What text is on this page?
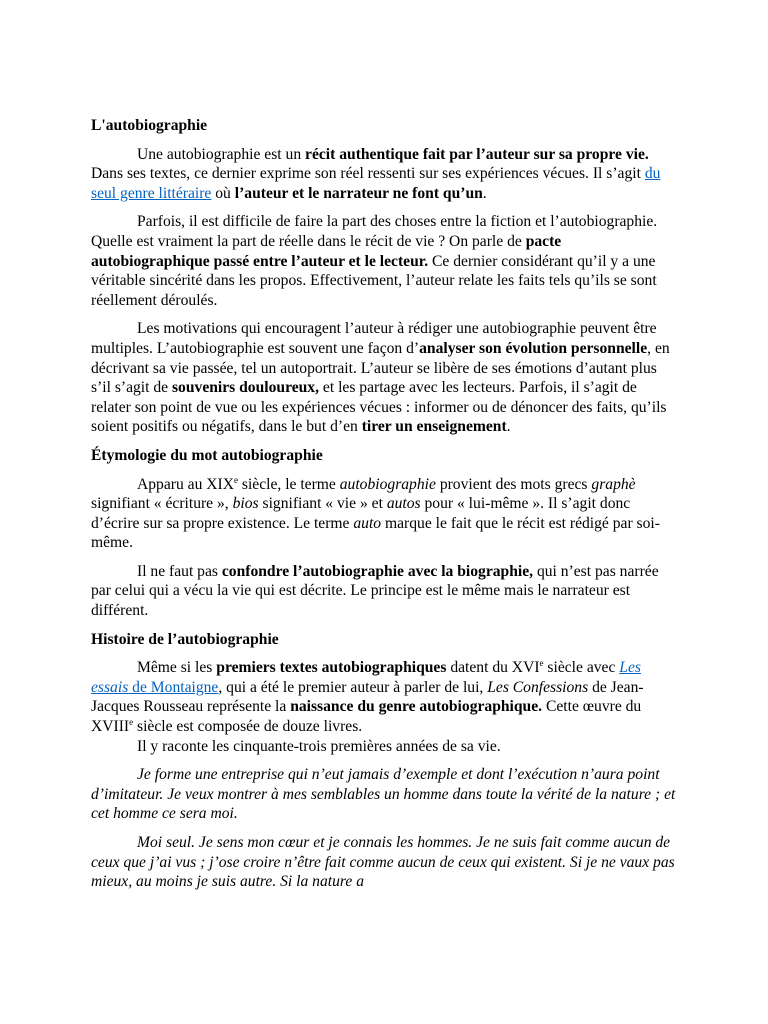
L'autobiographie

Une autobiographie est un récit authentique fait par l’auteur sur sa propre vie. Dans ses textes, ce dernier exprime son réel ressenti sur ses expériences vécues. Il s’agit du seul genre littéraire où l’auteur et le narrateur ne font qu’un.

Parfois, il est difficile de faire la part des choses entre la fiction et l’autobiographie. Quelle est vraiment la part de réelle dans le récit de vie ? On parle de pacte autobiographique passé entre l’auteur et le lecteur. Ce dernier considérant qu’il y a une véritable sincérité dans les propos. Effectivement, l’auteur relate les faits tels qu’ils se sont réellement déroulés.

Les motivations qui encouragent l’auteur à rédiger une autobiographie peuvent être multiples. L’autobiographie est souvent une façon d’analyser son évolution personnelle, en décrivant sa vie passée, tel un autoportrait. L’auteur se libère de ses émotions d’autant plus s’il s’agit de souvenirs douloureux, et les partage avec les lecteurs. Parfois, il s’agit de relater son point de vue ou les expériences vécues : informer ou de dénoncer des faits, qu’ils soient positifs ou négatifs, dans le but d’en tirer un enseignement.

Étymologie du mot autobiographie

Apparu au XIXe siècle, le terme autobiographie provient des mots grecs graphè signifiant « écriture », bios signifiant « vie » et autos pour « lui-même ». Il s’agit donc d’écrire sur sa propre existence. Le terme auto marque le fait que le récit est rédigé par soi-même.

Il ne faut pas confondre l’autobiographie avec la biographie, qui n’est pas narrée par celui qui a vécu la vie qui est décrite. Le principe est le même mais le narrateur est différent.

Histoire de l’autobiographie

Même si les premiers textes autobiographiques datent du XVIe siècle avec Les essais de Montaigne, qui a été le premier auteur à parler de lui, Les Confessions de Jean-Jacques Rousseau représente la naissance du genre autobiographique. Cette œuvre du XVIIIe siècle est composée de douze livres.

Il y raconte les cinquante-trois premières années de sa vie.

Je forme une entreprise qui n’eut jamais d’exemple et dont l’exécution n’aura point d’imitateur. Je veux montrer à mes semblables un homme dans toute la vérité de la nature ; et cet homme ce sera moi.

Moi seul. Je sens mon cœur et je connais les hommes. Je ne suis fait comme aucun de ceux que j’ai vus ; j’ose croire n’être fait comme aucun de ceux qui existent. Si je ne vaux pas mieux, au moins je suis autre. Si la nature a
